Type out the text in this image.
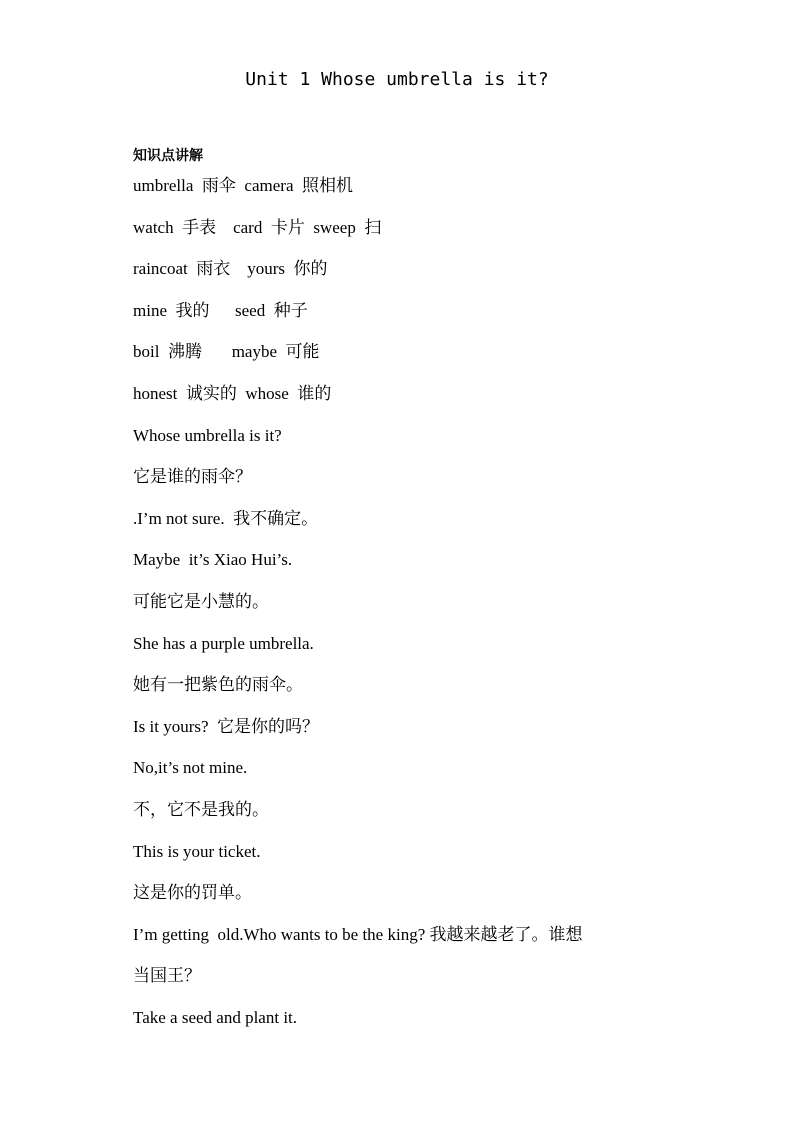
Unit 1 Whose umbrella is it?
知识点讲解
umbrella  雨伞  camera  照相机
watch  手表    card  卡片  sweep  扫
raincoat  雨衣    yours  你的
mine  我的      seed  种子
boil  沸腾       maybe  可能
honest  诚实的  whose  谁的
Whose umbrella is it?
它是谁的雨伞？
.I’m not sure.  我不确定。
Maybe  it’s Xiao Hui’s.
可能它是小慧的。
She has a purple umbrella.
她有一把紫色的雨伞。
Is it yours?  它是你的吗？
No,it’s not mine.
不，它不是我的。
This is your ticket.
这是你的罚单。
I’m getting  old.Who wants to be the king? 我越来越老了。谁想
当国王？
Take a seed and plant it.
